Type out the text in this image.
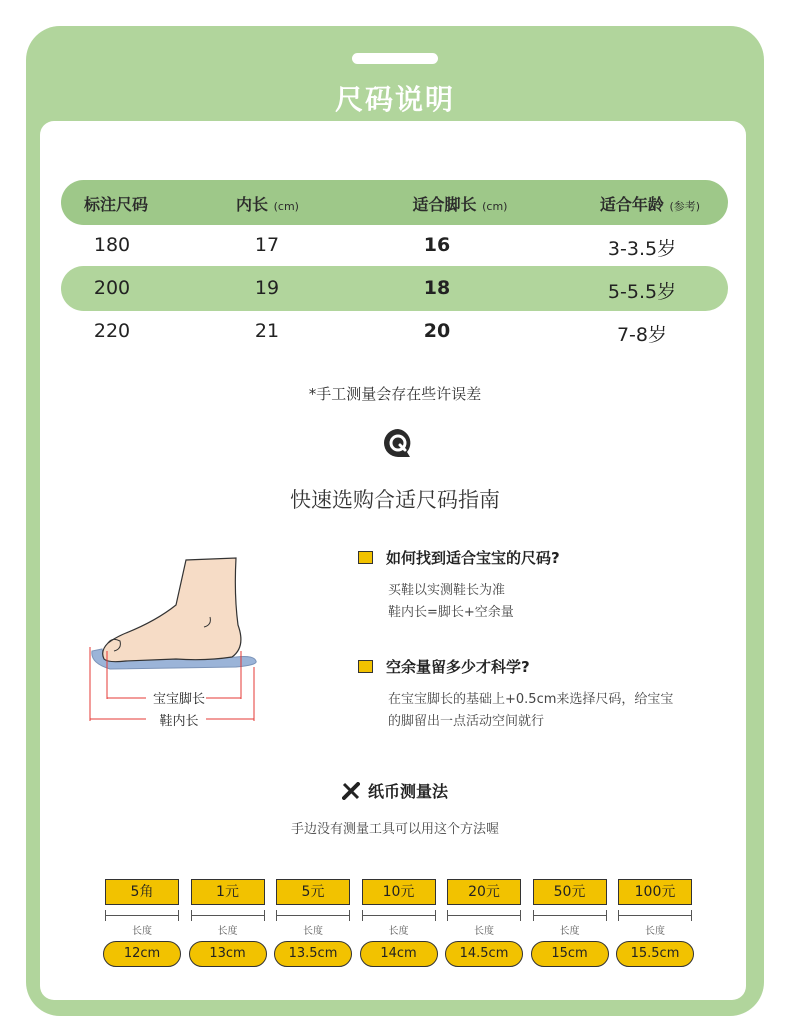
尺码说明
标注尺码	内长 (cm)	适合脚长 (cm)	适合年龄 (参考)
180	17	16	3-3.5岁
200	19	18	5-5.5岁
220	21	20	7-8岁
*手工测量会存在些许误差
快速选购合适尺码指南
宝宝脚长
鞋内长
如何找到适合宝宝的尺码?
买鞋以实测鞋长为准
鞋内长=脚长+空余量
空余量留多少才科学?
在宝宝脚长的基础上+0.5cm来选择尺码，给宝宝
的脚留出一点活动空间就行
纸币测量法
手边没有测量工具可以用这个方法喔
5角
长度
12cm
1元
长度
13cm
5元
长度
13.5cm
10元
长度
14cm
20元
长度
14.5cm
50元
长度
15cm
100元
长度
15.5cm
